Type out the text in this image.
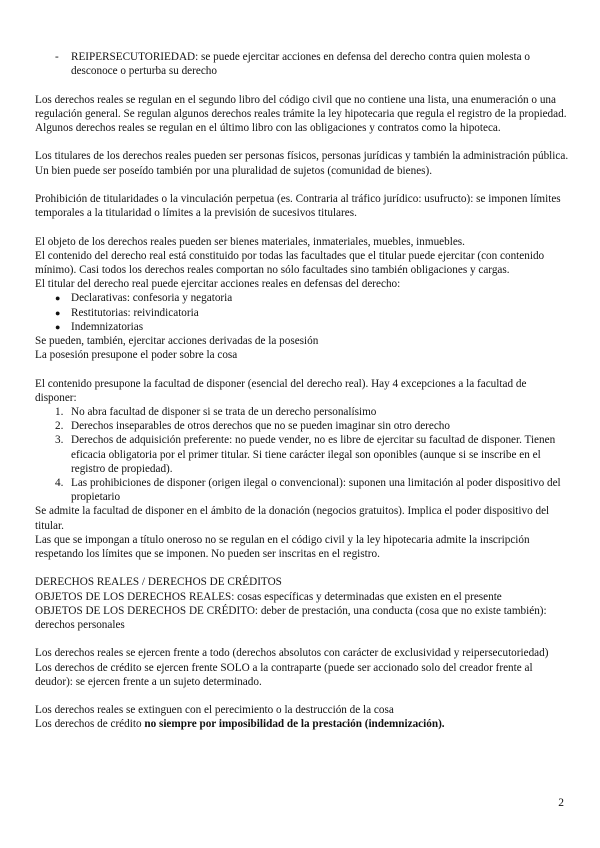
-	REIPERSECUTORIEDAD: se puede ejercitar acciones en defensa del derecho contra quien molesta o desconoce o perturba su derecho

Los derechos reales se regulan en el segundo libro del código civil que no contiene una lista, una enumeración o una regulación general. Se regulan algunos derechos reales trámite la ley hipotecaria que regula el registro de la propiedad. Algunos derechos reales se regulan en el último libro con las obligaciones y contratos como la hipoteca.

Los titulares de los derechos reales pueden ser personas físicos, personas jurídicas y también la administración pública. Un bien puede ser poseído también por una pluralidad de sujetos (comunidad de bienes).

Prohibición de titularidades o la vinculación perpetua (es. Contraria al tráfico jurídico: usufructo): se imponen límites temporales a la titularidad o límites a la previsión de sucesivos titulares.

El objeto de los derechos reales pueden ser bienes materiales, inmateriales, muebles, inmuebles.

El contenido del derecho real está constituido por todas las facultades que el titular puede ejercitar (con contenido mínimo). Casi todos los derechos reales comportan no sólo facultades sino también obligaciones y cargas.

El titular del derecho real puede ejercitar acciones reales en defensas del derecho:

● Declarativas: confesoria y negatoria
● Restitutorias: reivindicatoria
● Indemnizatorias

Se pueden, también, ejercitar acciones derivadas de la posesión

La posesión presupone el poder sobre la cosa

El contenido presupone la facultad de disponer (esencial del derecho real). Hay 4 excepciones a la facultad de disponer:

1. No abra facultad de disponer si se trata de un derecho personalísimo
2. Derechos inseparables de otros derechos que no se pueden imaginar sin otro derecho
3. Derechos de adquisición preferente: no puede vender, no es libre de ejercitar su facultad de disponer. Tienen eficacia obligatoria por el primer titular. Si tiene carácter ilegal son oponibles (aunque si se inscribe en el registro de propiedad).
4. Las prohibiciones de disponer (origen ilegal o convencional): suponen una limitación al poder dispositivo del propietario

Se admite la facultad de disponer en el ámbito de la donación (negocios gratuitos). Implica el poder dispositivo del titular.

Las que se impongan a título oneroso no se regulan en el código civil y la ley hipotecaria admite la inscripción respetando los límites que se imponen. No pueden ser inscritas en el registro.

DERECHOS REALES / DERECHOS DE CRÉDITOS

OBJETOS DE LOS DERECHOS REALES: cosas específicas y determinadas que existen en el presente

OBJETOS DE LOS DERECHOS DE CRÉDITO: deber de prestación, una conducta (cosa que no existe también): derechos personales

Los derechos reales se ejercen frente a todo (derechos absolutos con carácter de exclusividad y reipersecutoriedad)

Los derechos de crédito se ejercen frente SOLO a la contraparte (puede ser accionado solo del creador frente al deudor): se ejercen frente a un sujeto determinado.

Los derechos reales se extinguen con el perecimiento o la destrucción de la cosa

Los derechos de crédito no siempre por imposibilidad de la prestación (indemnización).

2
